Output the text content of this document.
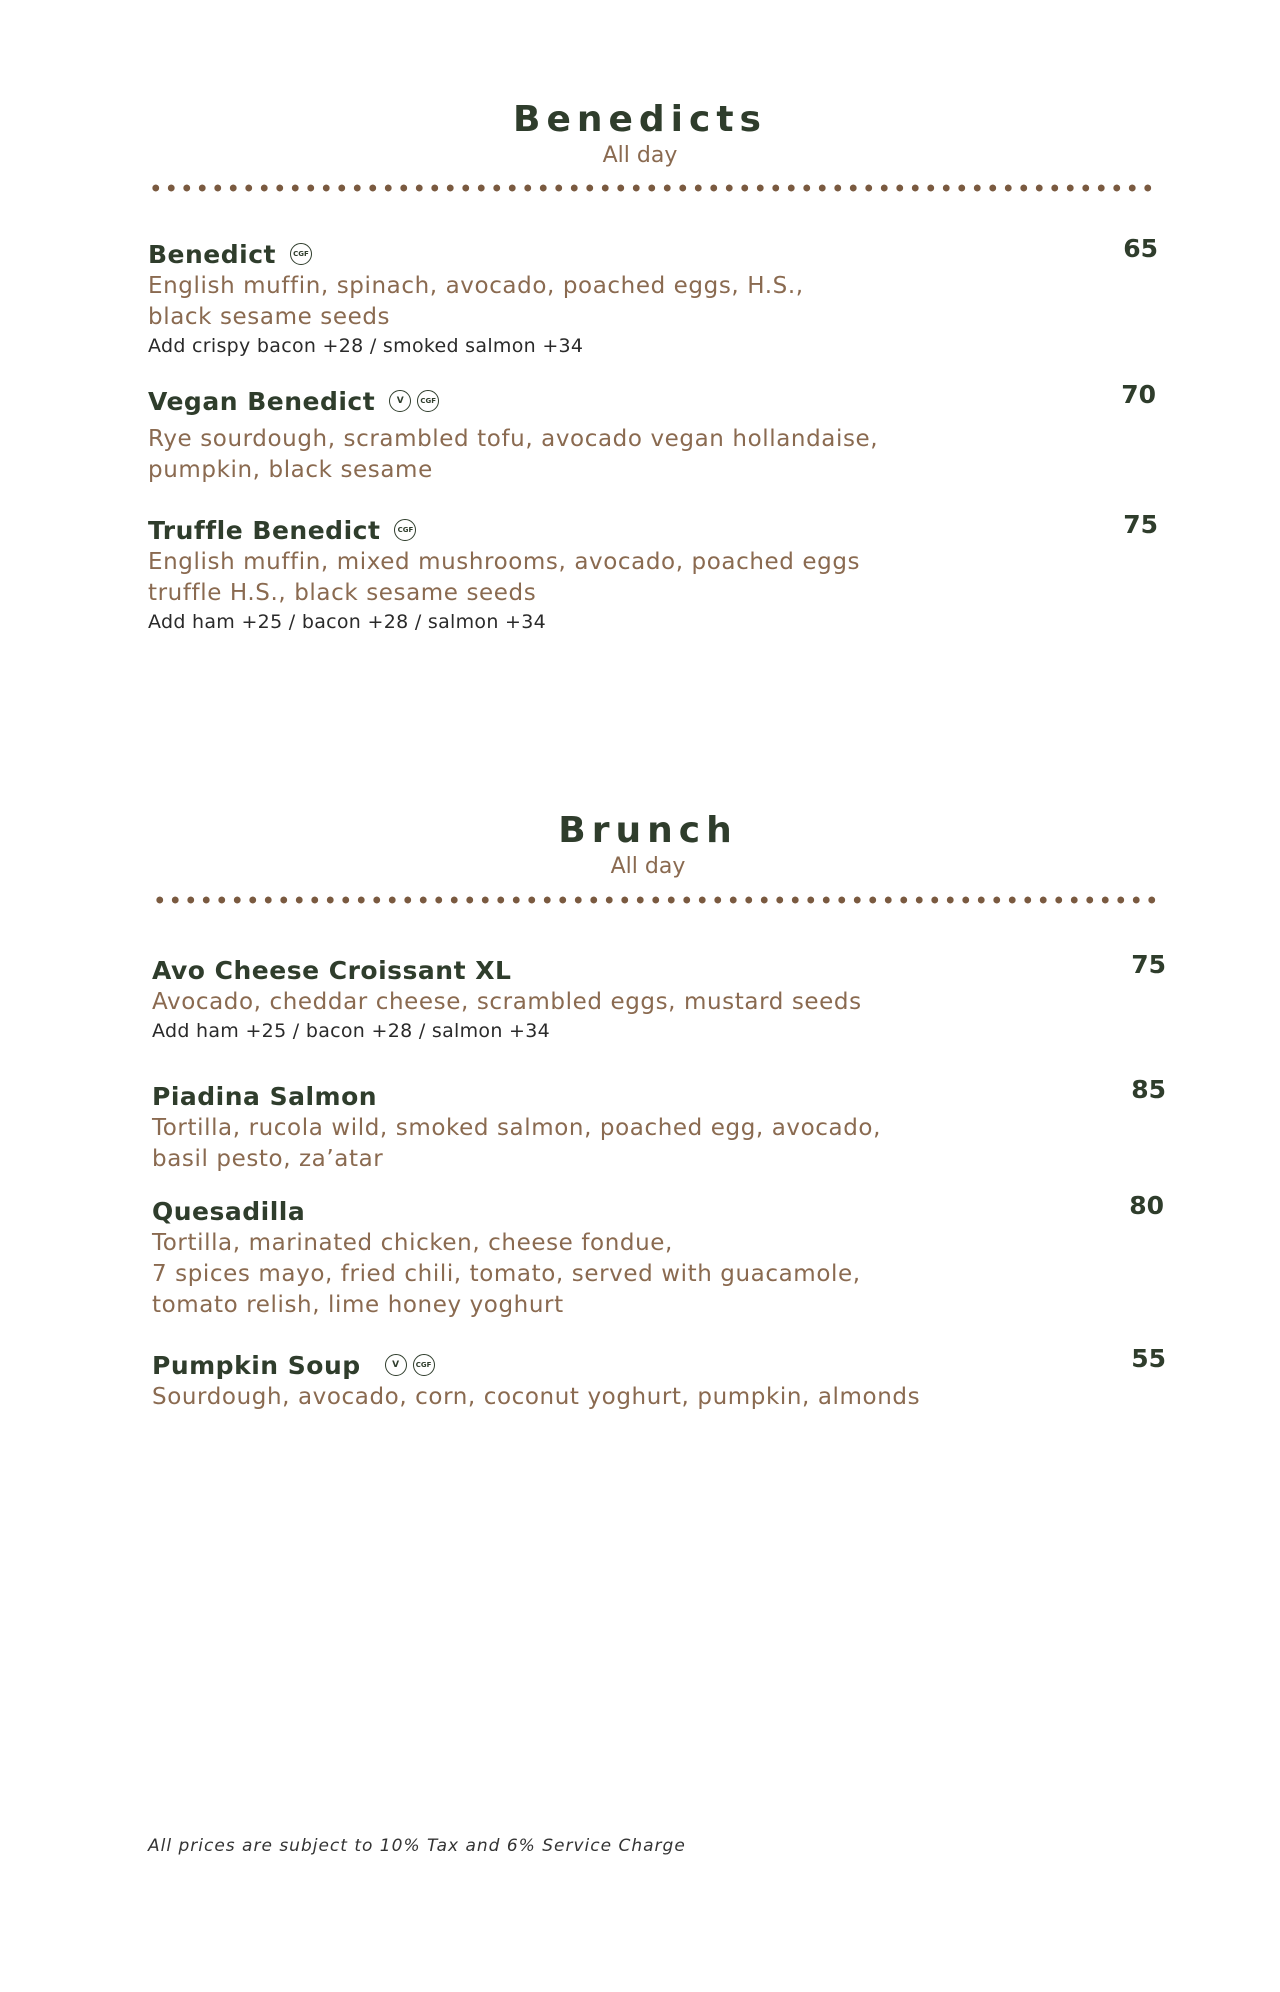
Benedicts
All day
Benedict	CGF
English muffin, spinach, avocado, poached eggs, H.S.,
black sesame seeds
Add crispy bacon +28 / smoked salmon +34
65
Vegan Benedict	V	CGF
Rye sourdough, scrambled tofu, avocado vegan hollandaise,
pumpkin, black sesame
70
Truffle Benedict	CGF
English muffin, mixed mushrooms, avocado, poached eggs
truffle H.S., black sesame seeds
Add ham +25 / bacon +28 / salmon +34
75
Brunch
All day
Avo Cheese Croissant XL
Avocado, cheddar cheese, scrambled eggs, mustard seeds
Add ham +25 / bacon +28 / salmon +34
75
Piadina Salmon
Tortilla, rucola wild, smoked salmon, poached egg, avocado,
basil pesto, za’atar
85
Quesadilla
Tortilla, marinated chicken, cheese fondue,
7 spices mayo, fried chili, tomato, served with guacamole,
tomato relish, lime honey yoghurt
80
Pumpkin Soup	V	CGF
Sourdough, avocado, corn, coconut yoghurt, pumpkin, almonds
55
All prices are subject to 10% Tax and 6% Service Charge
